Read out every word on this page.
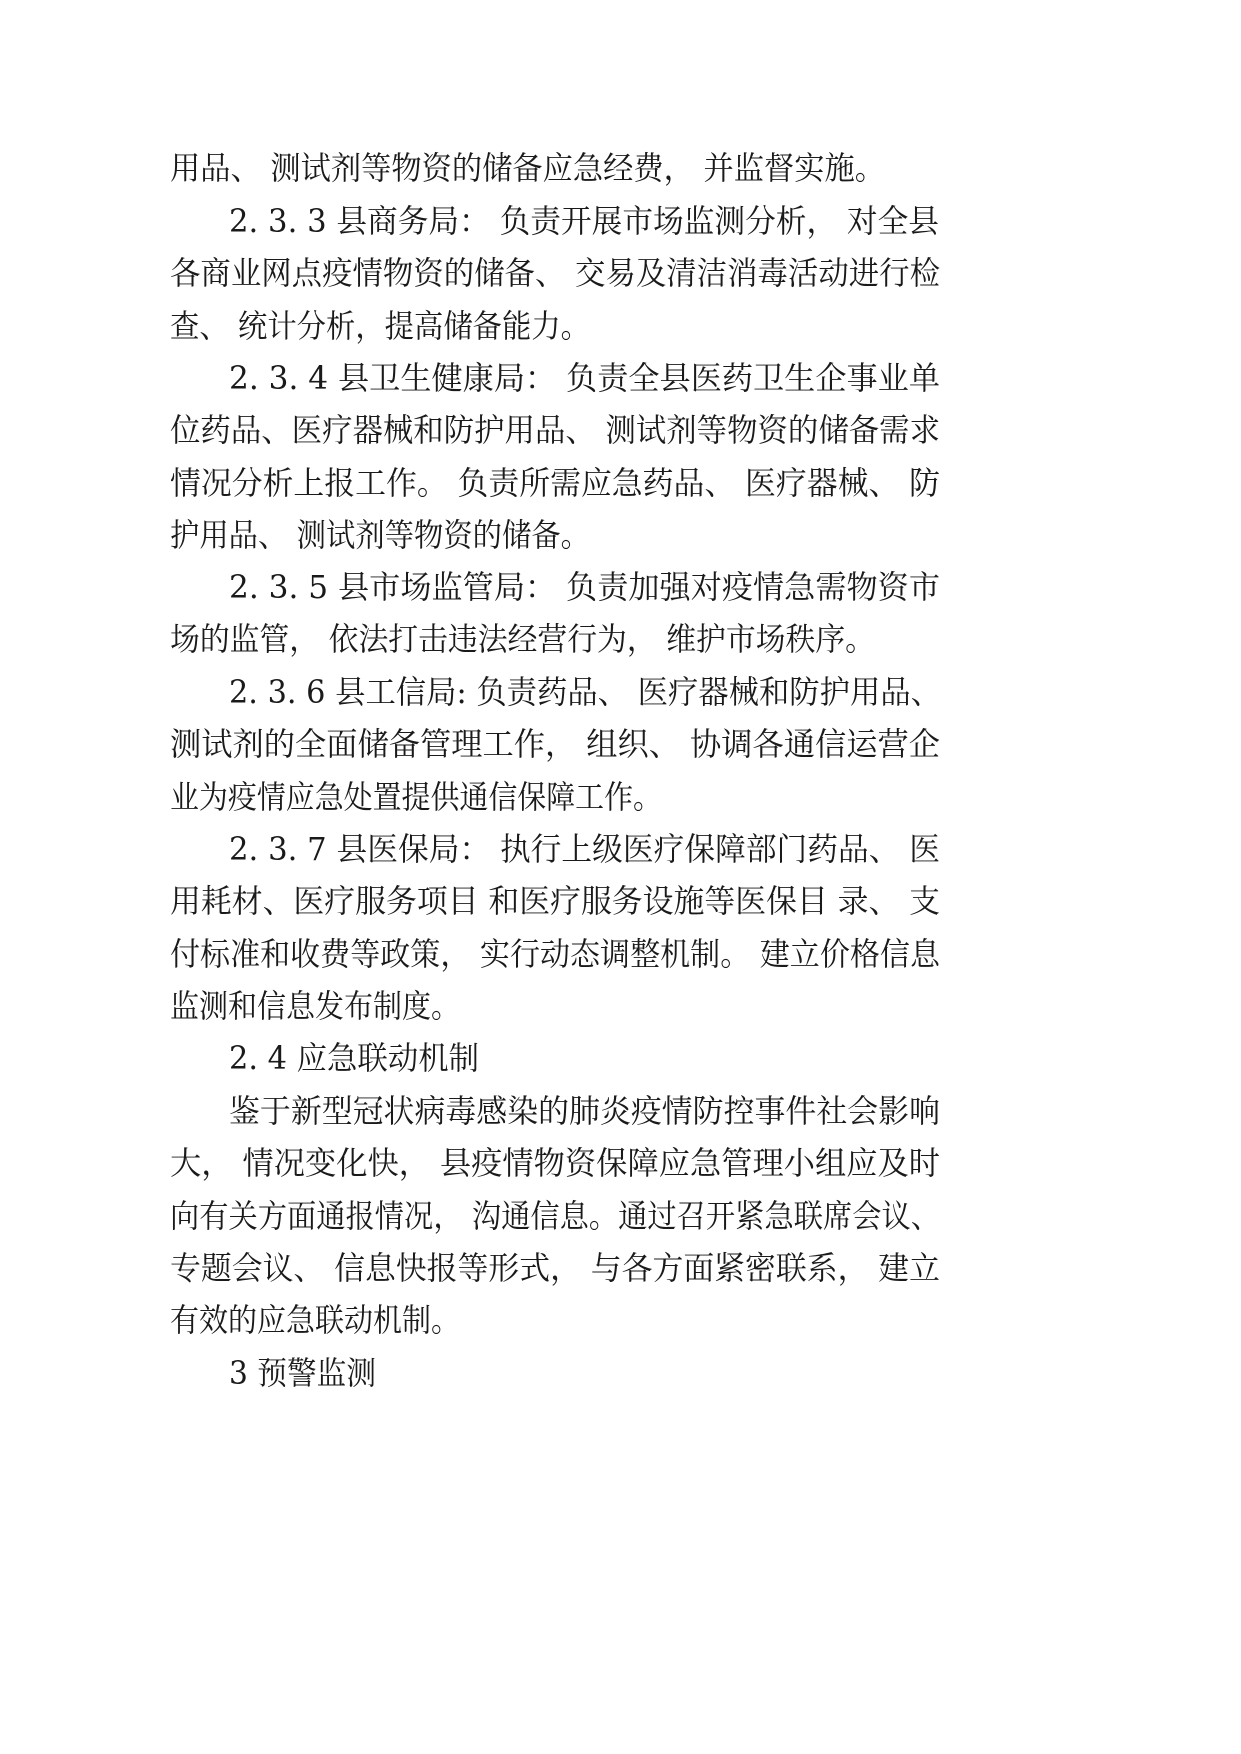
用品、 测试剂等物资的储备应急经费， 并监督实施。
2. 3. 3 县商务局： 负责开展市场监测分析， 对全县
各商业网点疫情物资的储备、 交易及清洁消毒活动进行检
查、 统计分析，提高储备能力。
2. 3. 4 县卫生健康局： 负责全县医药卫生企事业单
位药品、医疗器械和防护用品、 测试剂等物资的储备需求
情况分析上报工作。 负责所需应急药品、 医疗器械、 防
护用品、 测试剂等物资的储备。
2. 3. 5 县市场监管局： 负责加强对疫情急需物资市
场的监管， 依法打击违法经营行为， 维护市场秩序。
2. 3. 6 县工信局: 负责药品、 医疗器械和防护用品、
测试剂的全面储备管理工作， 组织、 协调各通信运营企
业为疫情应急处置提供通信保障工作。
2. 3. 7 县医保局： 执行上级医疗保障部门药品、 医
用耗材、医疗服务项目 和医疗服务设施等医保目 录、 支
付标准和收费等政策， 实行动态调整机制。 建立价格信息
监测和信息发布制度。
2. 4 应急联动机制
鉴于新型冠状病毒感染的肺炎疫情防控事件社会影响
大， 情况变化快， 县疫情物资保障应急管理小组应及时
向有关方面通报情况， 沟通信息。通过召开紧急联席会议、
专题会议、 信息快报等形式， 与各方面紧密联系， 建立
有效的应急联动机制。
3 预警监测
